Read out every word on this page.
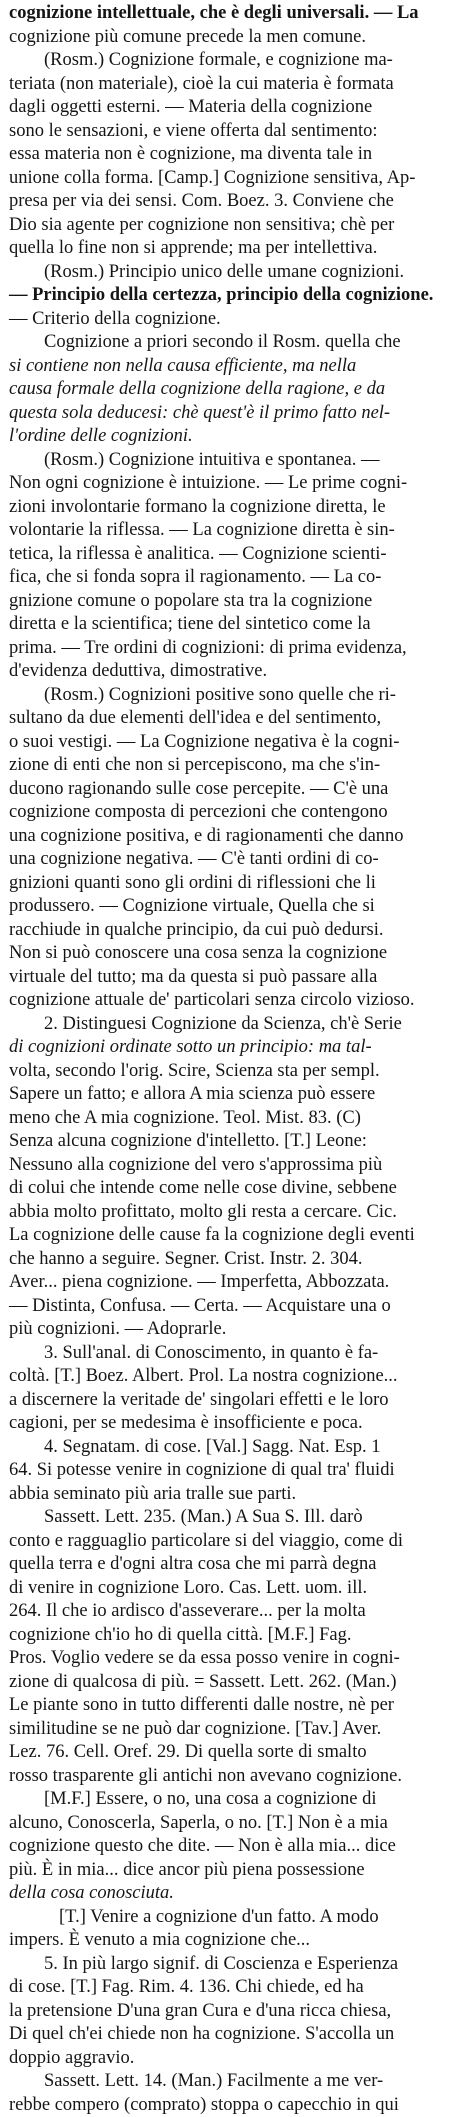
cognizione intellettuale, che è degli universali. — La
cognizione più comune precede la men comune.
(Rosm.) Cognizione formale, e cognizione ma-
teriata (non materiale), cioè la cui materia è formata
dagli oggetti esterni. — Materia della cognizione
sono le sensazioni, e viene offerta dal sentimento:
essa materia non è cognizione, ma diventa tale in
unione colla forma. [Camp.] Cognizione sensitiva, Ap-
presa per via dei sensi. Com. Boez. 3. Conviene che
Dio sia agente per cognizione non sensitiva; chè per
quella lo fine non si apprende; ma per intellettiva.
(Rosm.) Principio unico delle umane cognizioni.
— Principio della certezza, principio della cognizione.
— Criterio della cognizione.
Cognizione a priori secondo il Rosm. quella che
si contiene non nella causa efficiente, ma nella
causa formale della cognizione della ragione, e da
questa sola deducesi: chè quest'è il primo fatto nel-
l'ordine delle cognizioni.
(Rosm.) Cognizione intuitiva e spontanea. —
Non ogni cognizione è intuizione. — Le prime cogni-
zioni involontarie formano la cognizione diretta, le
volontarie la riflessa. — La cognizione diretta è sin-
tetica, la riflessa è analitica. — Cognizione scienti-
fica, che si fonda sopra il ragionamento. — La co-
gnizione comune o popolare sta tra la cognizione
diretta e la scientifica; tiene del sintetico come la
prima. — Tre ordini di cognizioni: di prima evidenza,
d'evidenza deduttiva, dimostrative.
(Rosm.) Cognizioni positive sono quelle che ri-
sultano da due elementi dell'idea e del sentimento,
o suoi vestigi. — La Cognizione negativa è la cogni-
zione di enti che non si percepiscono, ma che s'in-
ducono ragionando sulle cose percepite. — C'è una
cognizione composta di percezioni che contengono
una cognizione positiva, e di ragionamenti che danno
una cognizione negativa. — C'è tanti ordini di co-
gnizioni quanti sono gli ordini di riflessioni che li
produssero. — Cognizione virtuale, Quella che si
racchiude in qualche principio, da cui può dedursi.
Non si può conoscere una cosa senza la cognizione
virtuale del tutto; ma da questa si può passare alla
cognizione attuale de' particolari senza circolo vizioso.
2. Distinguesi Cognizione da Scienza, ch'è Serie
di cognizioni ordinate sotto un principio: ma tal-
volta, secondo l'orig. Scire, Scienza sta per sempl.
Sapere un fatto; e allora A mia scienza può essere
meno che A mia cognizione. Teol. Mist. 83. (C)
Senza alcuna cognizione d'intelletto. [T.] Leone:
Nessuno alla cognizione del vero s'approssima più
di colui che intende come nelle cose divine, sebbene
abbia molto profittato, molto gli resta a cercare. Cic.
La cognizione delle cause fa la cognizione degli eventi
che hanno a seguire. Segner. Crist. Instr. 2. 304.
Aver... piena cognizione. — Imperfetta, Abbozzata.
— Distinta, Confusa. — Certa. — Acquistare una o
più cognizioni. — Adoprarle.
3. Sull'anal. di Conoscimento, in quanto è fa-
coltà. [T.] Boez. Albert. Prol. La nostra cognizione...
a discernere la veritade de' singolari effetti e le loro
cagioni, per se medesima è insofficiente e poca.
4. Segnatam. di cose. [Val.] Sagg. Nat. Esp. 1
64. Si potesse venire in cognizione di qual tra' fluidi
abbia seminato più aria tralle sue parti.
Sassett. Lett. 235. (Man.) A Sua S. Ill. darò
conto e ragguaglio particolare si del viaggio, come di
quella terra e d'ogni altra cosa che mi parrà degna
di venire in cognizione Loro. Cas. Lett. uom. ill.
264. Il che io ardisco d'asseverare... per la molta
cognizione ch'io ho di quella città. [M.F.] Fag.
Pros. Voglio vedere se da essa posso venire in cogni-
zione di qualcosa di più. = Sassett. Lett. 262. (Man.)
Le piante sono in tutto differenti dalle nostre, nè per
similitudine se ne può dar cognizione. [Tav.] Aver.
Lez. 76. Cell. Oref. 29. Di quella sorte di smalto
rosso trasparente gli antichi non avevano cognizione.
[M.F.] Essere, o no, una cosa a cognizione di
alcuno, Conoscerla, Saperla, o no. [T.] Non è a mia
cognizione questo che dite. — Non è alla mia... dice
più. È in mia... dice ancor più piena possessione
della cosa conosciuta.
[T.] Venire a cognizione d'un fatto. A modo
impers. È venuto a mia cognizione che...
5. In più largo signif. di Coscienza e Esperienza
di cose. [T.] Fag. Rim. 4. 136. Chi chiede, ed ha
la pretensione D'una gran Cura e d'una ricca chiesa,
Di quel ch'ei chiede non ha cognizione. S'accolla un
doppio aggravio.
Sassett. Lett. 14. (Man.) Facilmente a me ver-
rebbe compero (comprato) stoppa o capecchio in qui
